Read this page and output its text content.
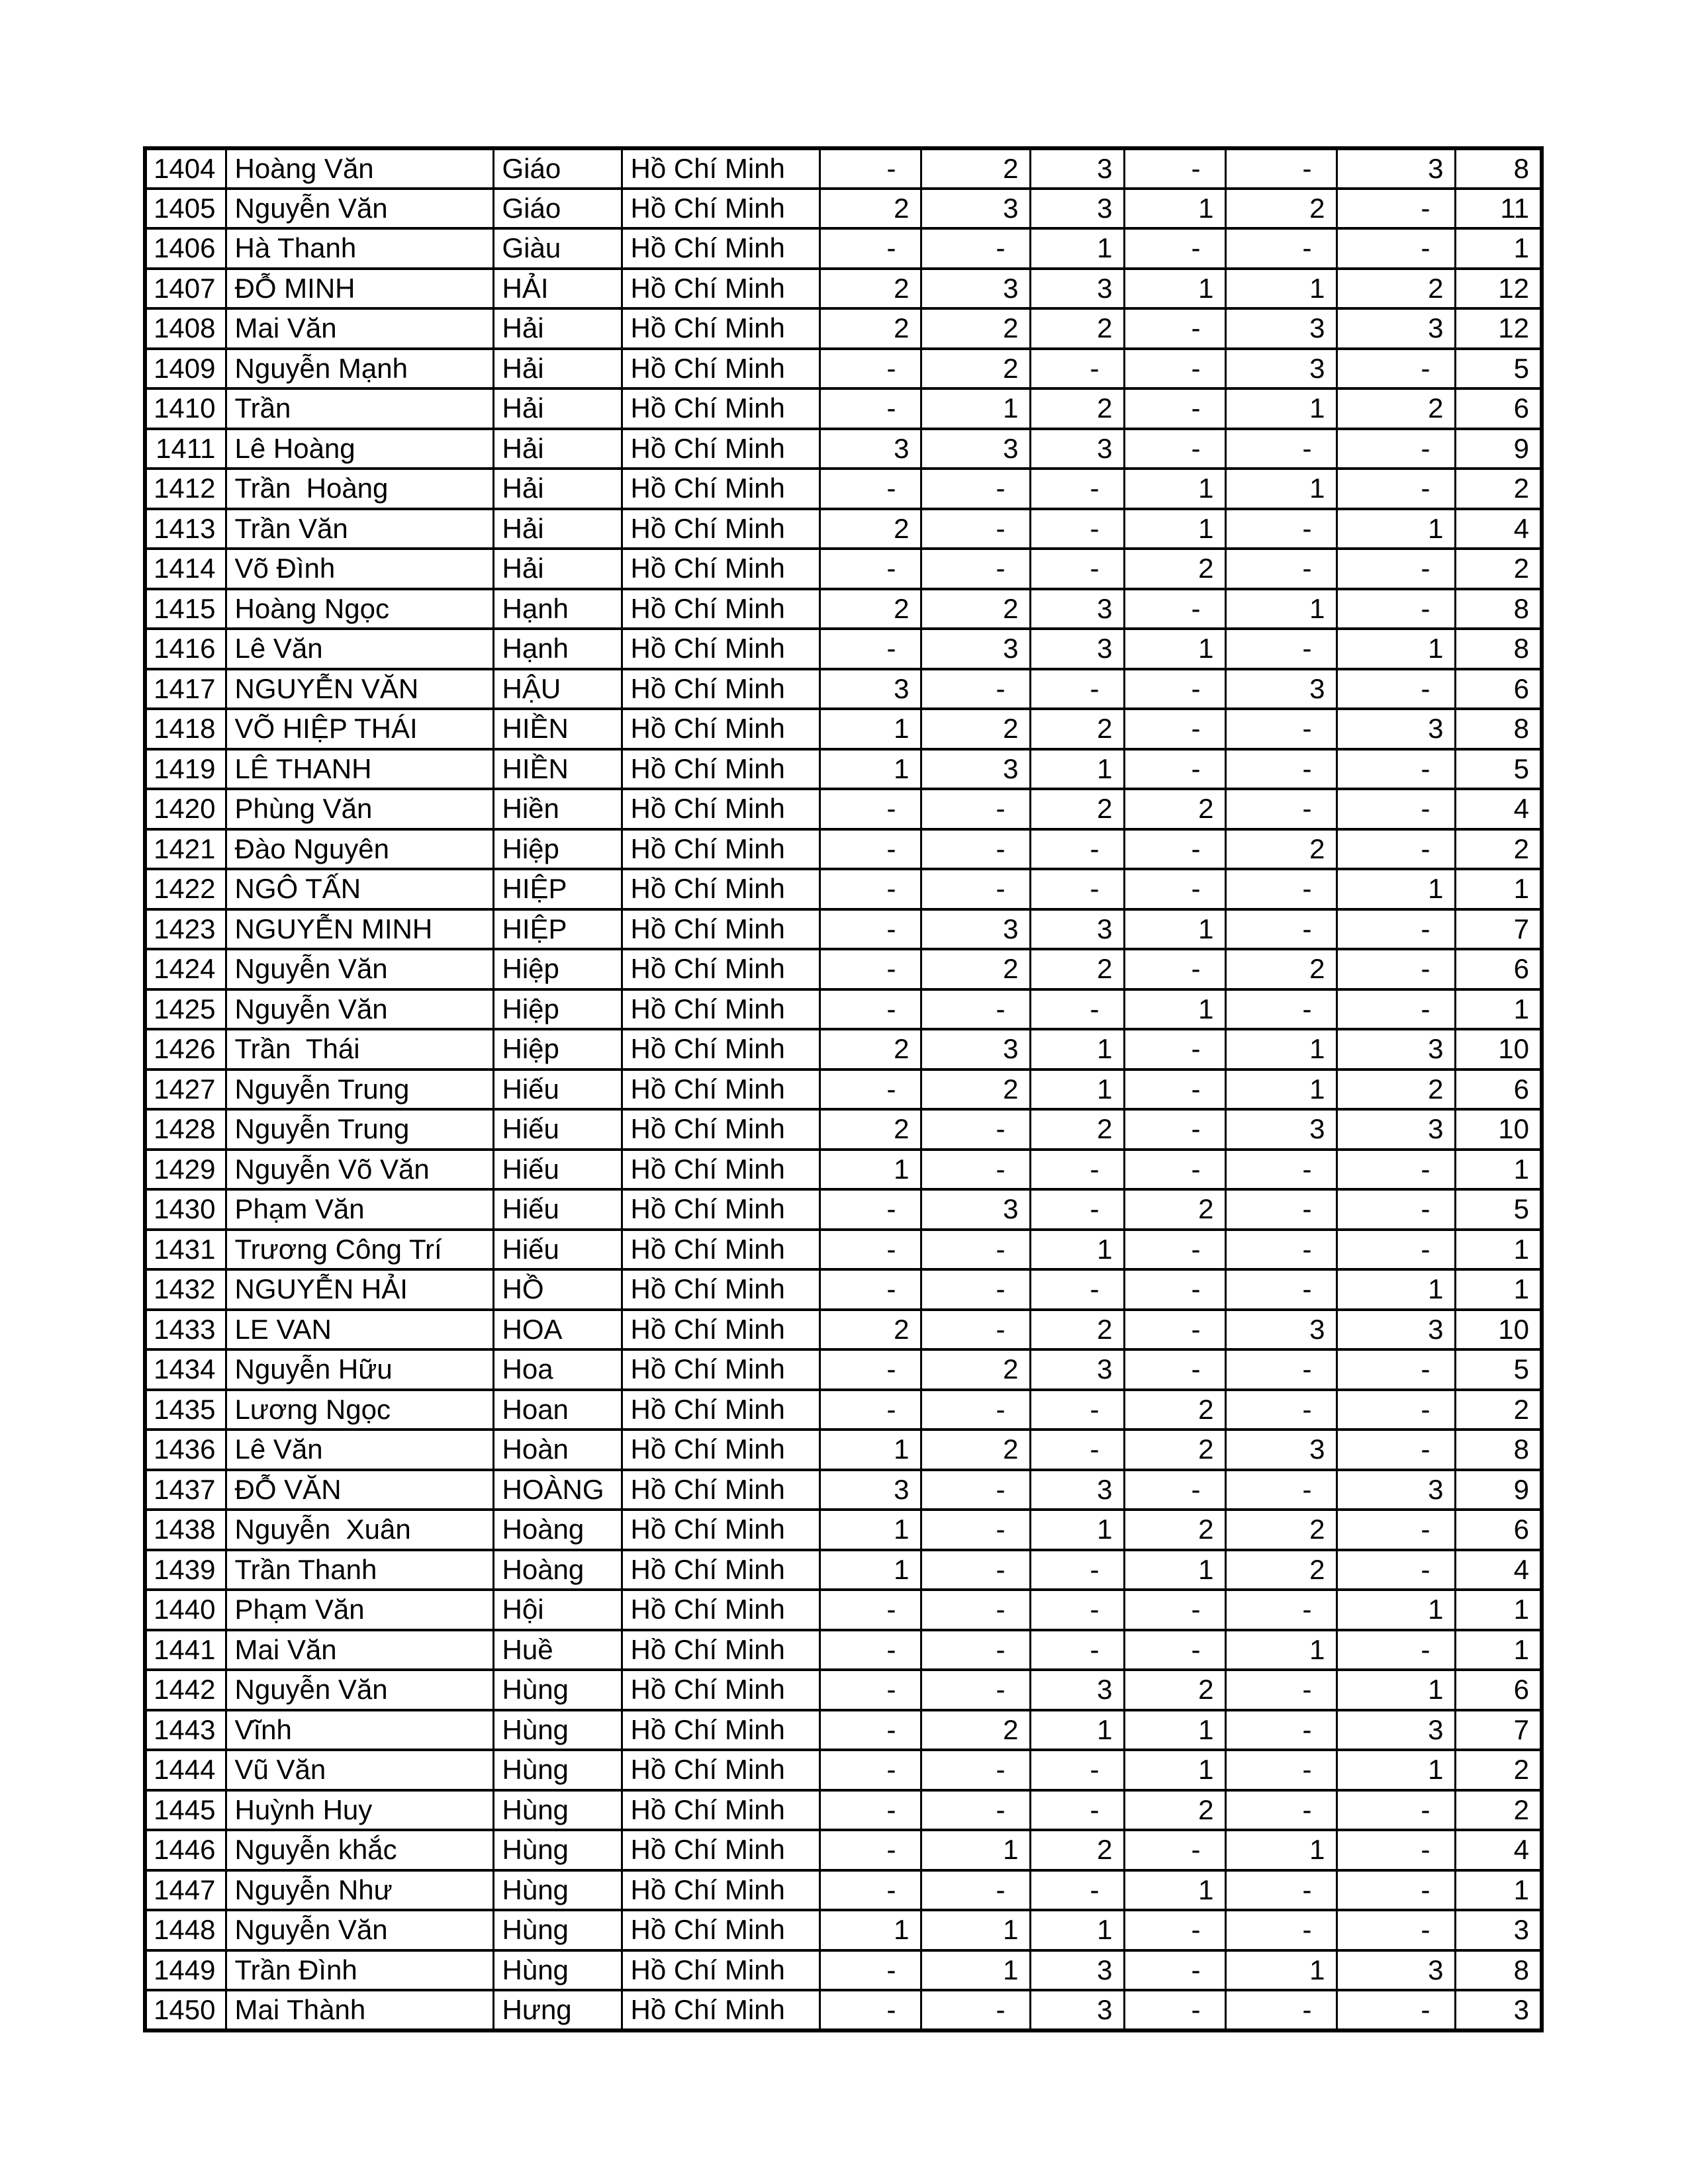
1404	Hoàng Văn	Giáo	Hồ Chí Minh	-	2	3	-	-	3	8
1405	Nguyễn Văn	Giáo	Hồ Chí Minh	2	3	3	1	2	-	11
1406	Hà Thanh	Giàu	Hồ Chí Minh	-	-	1	-	-	-	1
1407	ĐỖ MINH	HẢI	Hồ Chí Minh	2	3	3	1	1	2	12
1408	Mai Văn	Hải	Hồ Chí Minh	2	2	2	-	3	3	12
1409	Nguyễn Mạnh	Hải	Hồ Chí Minh	-	2	-	-	3	-	5
1410	Trần	Hải	Hồ Chí Minh	-	1	2	-	1	2	6
1411	Lê Hoàng	Hải	Hồ Chí Minh	3	3	3	-	-	-	9
1412	Trần  Hoàng	Hải	Hồ Chí Minh	-	-	-	1	1	-	2
1413	Trần Văn	Hải	Hồ Chí Minh	2	-	-	1	-	1	4
1414	Võ Đình	Hải	Hồ Chí Minh	-	-	-	2	-	-	2
1415	Hoàng Ngọc	Hạnh	Hồ Chí Minh	2	2	3	-	1	-	8
1416	Lê Văn	Hạnh	Hồ Chí Minh	-	3	3	1	-	1	8
1417	NGUYỄN VĂN	HẬU	Hồ Chí Minh	3	-	-	-	3	-	6
1418	VÕ HIỆP THÁI	HIỀN	Hồ Chí Minh	1	2	2	-	-	3	8
1419	LÊ THANH	HIỀN	Hồ Chí Minh	1	3	1	-	-	-	5
1420	Phùng Văn	Hiền	Hồ Chí Minh	-	-	2	2	-	-	4
1421	Đào Nguyên	Hiệp	Hồ Chí Minh	-	-	-	-	2	-	2
1422	NGÔ TẤN	HIỆP	Hồ Chí Minh	-	-	-	-	-	1	1
1423	NGUYỄN MINH	HIỆP	Hồ Chí Minh	-	3	3	1	-	-	7
1424	Nguyễn Văn	Hiệp	Hồ Chí Minh	-	2	2	-	2	-	6
1425	Nguyễn Văn	Hiệp	Hồ Chí Minh	-	-	-	1	-	-	1
1426	Trần  Thái	Hiệp	Hồ Chí Minh	2	3	1	-	1	3	10
1427	Nguyễn Trung	Hiếu	Hồ Chí Minh	-	2	1	-	1	2	6
1428	Nguyễn Trung	Hiếu	Hồ Chí Minh	2	-	2	-	3	3	10
1429	Nguyễn Võ Văn	Hiếu	Hồ Chí Minh	1	-	-	-	-	-	1
1430	Phạm Văn	Hiếu	Hồ Chí Minh	-	3	-	2	-	-	5
1431	Trương Công Trí	Hiếu	Hồ Chí Minh	-	-	1	-	-	-	1
1432	NGUYỄN HẢI	HỒ	Hồ Chí Minh	-	-	-	-	-	1	1
1433	LE VAN	HOA	Hồ Chí Minh	2	-	2	-	3	3	10
1434	Nguyễn Hữu	Hoa	Hồ Chí Minh	-	2	3	-	-	-	5
1435	Lương Ngọc	Hoan	Hồ Chí Minh	-	-	-	2	-	-	2
1436	Lê Văn	Hoàn	Hồ Chí Minh	1	2	-	2	3	-	8
1437	ĐỖ VĂN	HOÀNG	Hồ Chí Minh	3	-	3	-	-	3	9
1438	Nguyễn  Xuân	Hoàng	Hồ Chí Minh	1	-	1	2	2	-	6
1439	Trần Thanh	Hoàng	Hồ Chí Minh	1	-	-	1	2	-	4
1440	Phạm Văn	Hội	Hồ Chí Minh	-	-	-	-	-	1	1
1441	Mai Văn	Huề	Hồ Chí Minh	-	-	-	-	1	-	1
1442	Nguyễn Văn	Hùng	Hồ Chí Minh	-	-	3	2	-	1	6
1443	Vĩnh	Hùng	Hồ Chí Minh	-	2	1	1	-	3	7
1444	Vũ Văn	Hùng	Hồ Chí Minh	-	-	-	1	-	1	2
1445	Huỳnh Huy	Hùng	Hồ Chí Minh	-	-	-	2	-	-	2
1446	Nguyễn khắc	Hùng	Hồ Chí Minh	-	1	2	-	1	-	4
1447	Nguyễn Như	Hùng	Hồ Chí Minh	-	-	-	1	-	-	1
1448	Nguyễn Văn	Hùng	Hồ Chí Minh	1	1	1	-	-	-	3
1449	Trần Đình	Hùng	Hồ Chí Minh	-	1	3	-	1	3	8
1450	Mai Thành	Hưng	Hồ Chí Minh	-	-	3	-	-	-	3
